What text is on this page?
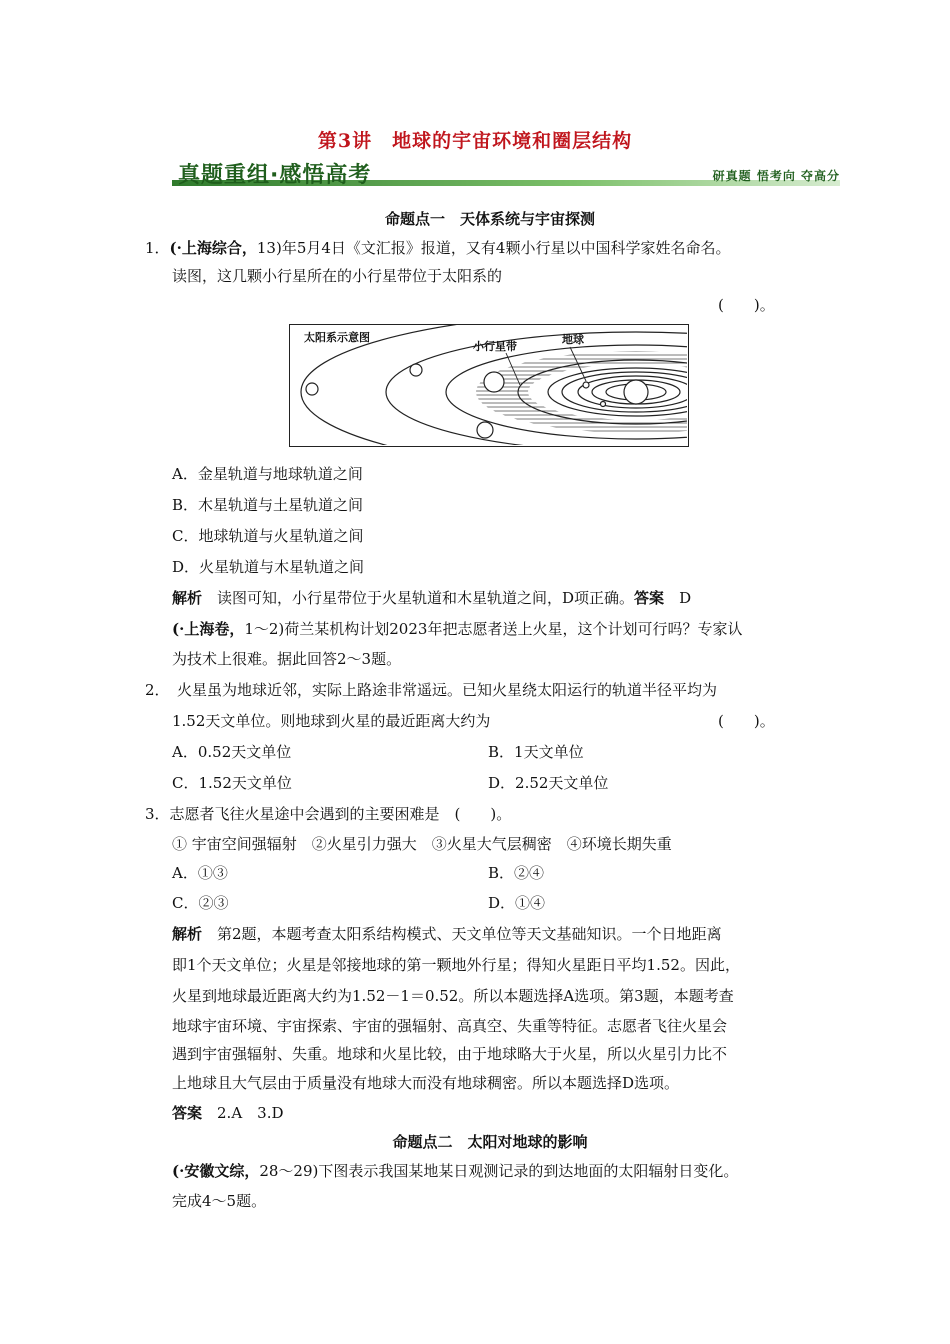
第3讲　地球的宇宙环境和圈层结构
真题重组·感悟高考	研真题 悟考向 夺高分
命题点一　天体系统与宇宙探测
1．(·上海综合，13)年5月4日《文汇报》报道，又有4颗小行星以中国科学家姓名命名。
读图，这几颗小行星所在的小行星带位于太阳系的
(　　)。
太阳系示意图
小行星带
地球
A．金星轨道与地球轨道之间
B．木星轨道与土星轨道之间
C．地球轨道与火星轨道之间
D．火星轨道与木星轨道之间
解析　读图可知，小行星带位于火星轨道和木星轨道之间，D项正确。答案　D
(·上海卷，1～2)荷兰某机构计划2023年把志愿者送上火星，这个计划可行吗？专家认
为技术上很难。据此回答2～3题。
2．　火星虽为地球近邻，实际上路途非常遥远。已知火星绕太阳运行的轨道半径平均为
1.52天文单位。则地球到火星的最近距离大约为	(　　)。
A．0.52天文单位	B．1天文单位
C．1.52天文单位	D．2.52天文单位
3．志愿者飞往火星途中会遇到的主要困难是　(　　)。
① 宇宙空间强辐射　②火星引力强大　③火星大气层稠密　④环境长期失重
A．①③	B．②④
C．②③	D．①④
解析　第2题，本题考查太阳系结构模式、天文单位等天文基础知识。一个日地距离
即1个天文单位；火星是邻接地球的第一颗地外行星；得知火星距日平均1.52。因此，
火星到地球最近距离大约为1.52－1＝0.52。所以本题选择A选项。第3题，本题考查
地球宇宙环境、宇宙探索、宇宙的强辐射、高真空、失重等特征。志愿者飞往火星会
遇到宇宙强辐射、失重。地球和火星比较，由于地球略大于火星，所以火星引力比不
上地球且大气层由于质量没有地球大而没有地球稠密。所以本题选择D选项。
答案　2.A　3.D
命题点二　太阳对地球的影响
(·安徽文综，28～29)下图表示我国某地某日观测记录的到达地面的太阳辐射日变化。
完成4～5题。
